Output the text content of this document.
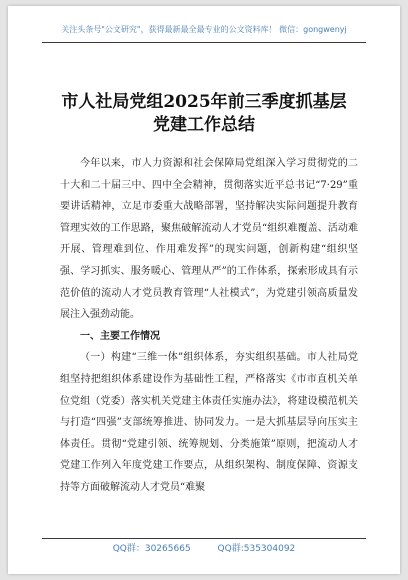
关注头条号"公文研究"，获得最新最全最专业的公文资料库！ 微信：gongwenyj
市人社局党组2025年前三季度抓基层
党建工作总结

今年以来，市人力资源和社会保障局党组深入学习贯彻党的二十大和二十届三中、四中全会精神，贯彻落实近平总书记“7·29”重要讲话精神，立足市委重大战略部署，坚持解决实际问题提升教育管理实效的工作思路，聚焦破解流动人才党员“组织难覆盖、活动难开展、管理难到位、作用难发挥”的现实问题，创新构建“组织坚强、学习抓实、服务暖心、管理从严”的工作体系，探索形成具有示范价值的流动人才党员教育管理“人社模式”，为党建引领高质量发展注入强劲动能。

一、主要工作情况

（一）构建“三维一体”组织体系，夯实组织基础。市人社局党组坚持把组织体系建设作为基础性工程，严格落实《市市直机关单位党组（党委）落实机关党建主体责任实施办法》，将建设模范机关与打造“四强”支部统筹推进、协同发力。一是大抓基层导向压实主体责任。贯彻“党建引领、统筹规划、分类施策”原则，把流动人才党建工作列入年度党建工作要点，从组织架构、制度保障、资源支持等方面破解流动人才党员“难聚

QQ群：30265665	QQ群:535304092
